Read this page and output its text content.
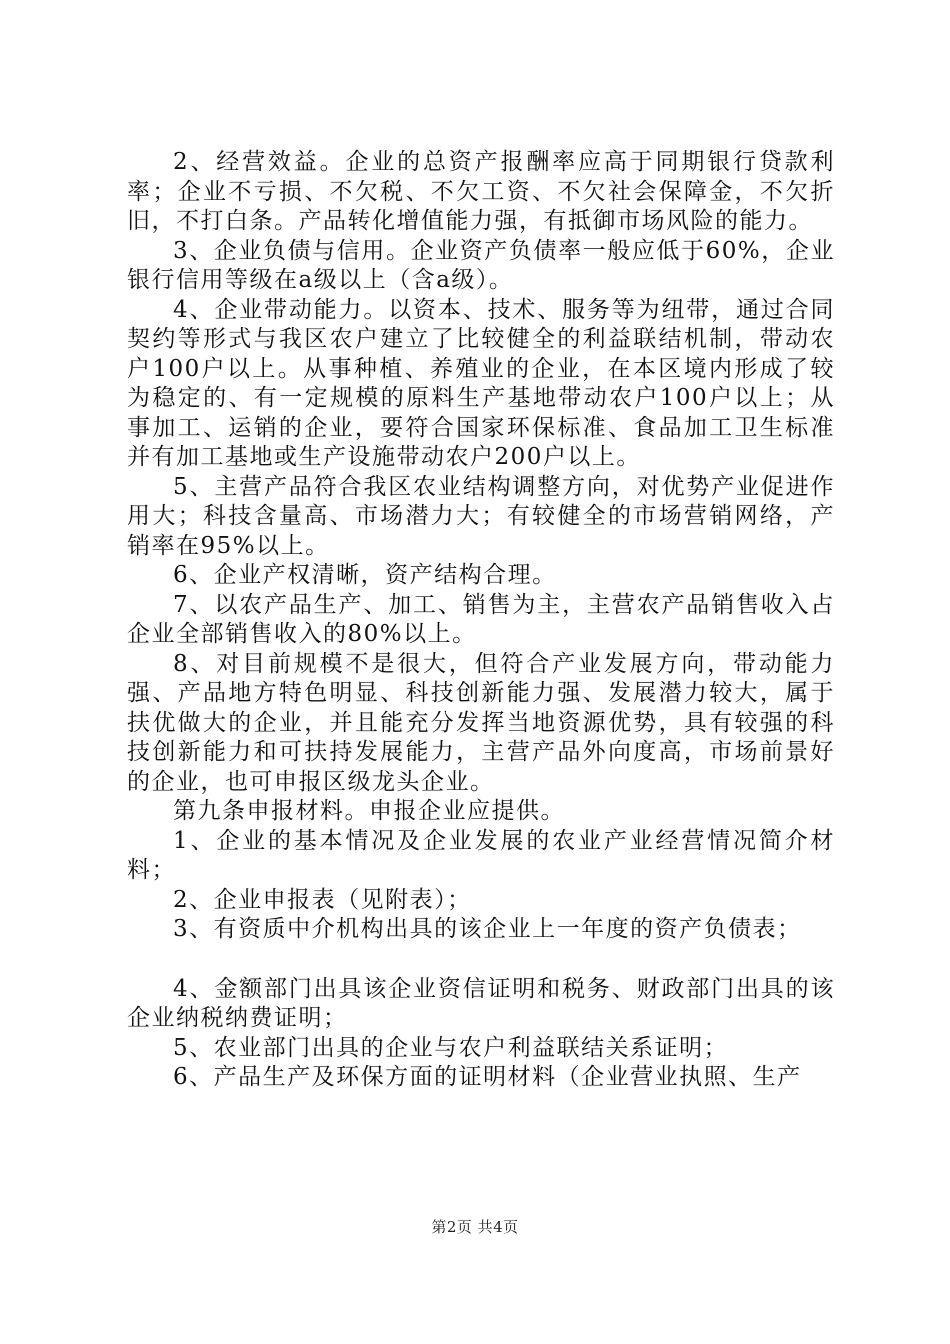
2、经营效益。企业的总资产报酬率应高于同期银行贷款利率；企业不亏损、不欠税、不欠工资、不欠社会保障金，不欠折旧，不打白条。产品转化增值能力强，有抵御市场风险的能力。

3、企业负债与信用。企业资产负债率一般应低于60%，企业银行信用等级在a级以上（含a级）。

4、企业带动能力。以资本、技术、服务等为纽带，通过合同契约等形式与我区农户建立了比较健全的利益联结机制，带动农户100户以上。从事种植、养殖业的企业，在本区境内形成了较为稳定的、有一定规模的原料生产基地带动农户100户以上；从事加工、运销的企业，要符合国家环保标准、食品加工卫生标准并有加工基地或生产设施带动农户200户以上。

5、主营产品符合我区农业结构调整方向，对优势产业促进作用大；科技含量高、市场潜力大；有较健全的市场营销网络，产销率在95%以上。

6、企业产权清晰，资产结构合理。

7、以农产品生产、加工、销售为主，主营农产品销售收入占企业全部销售收入的80%以上。

8、对目前规模不是很大，但符合产业发展方向，带动能力强、产品地方特色明显、科技创新能力强、发展潜力较大，属于扶优做大的企业，并且能充分发挥当地资源优势，具有较强的科技创新能力和可扶持发展能力，主营产品外向度高，市场前景好的企业，也可申报区级龙头企业。

第九条申报材料。申报企业应提供。

1、企业的基本情况及企业发展的农业产业经营情况简介材料；

2、企业申报表（见附表）；

3、有资质中介机构出具的该企业上一年度的资产负债表；

4、金额部门出具该企业资信证明和税务、财政部门出具的该企业纳税纳费证明；

5、农业部门出具的企业与农户利益联结关系证明；

6、产品生产及环保方面的证明材料（企业营业执照、生产

第2页 共4页
